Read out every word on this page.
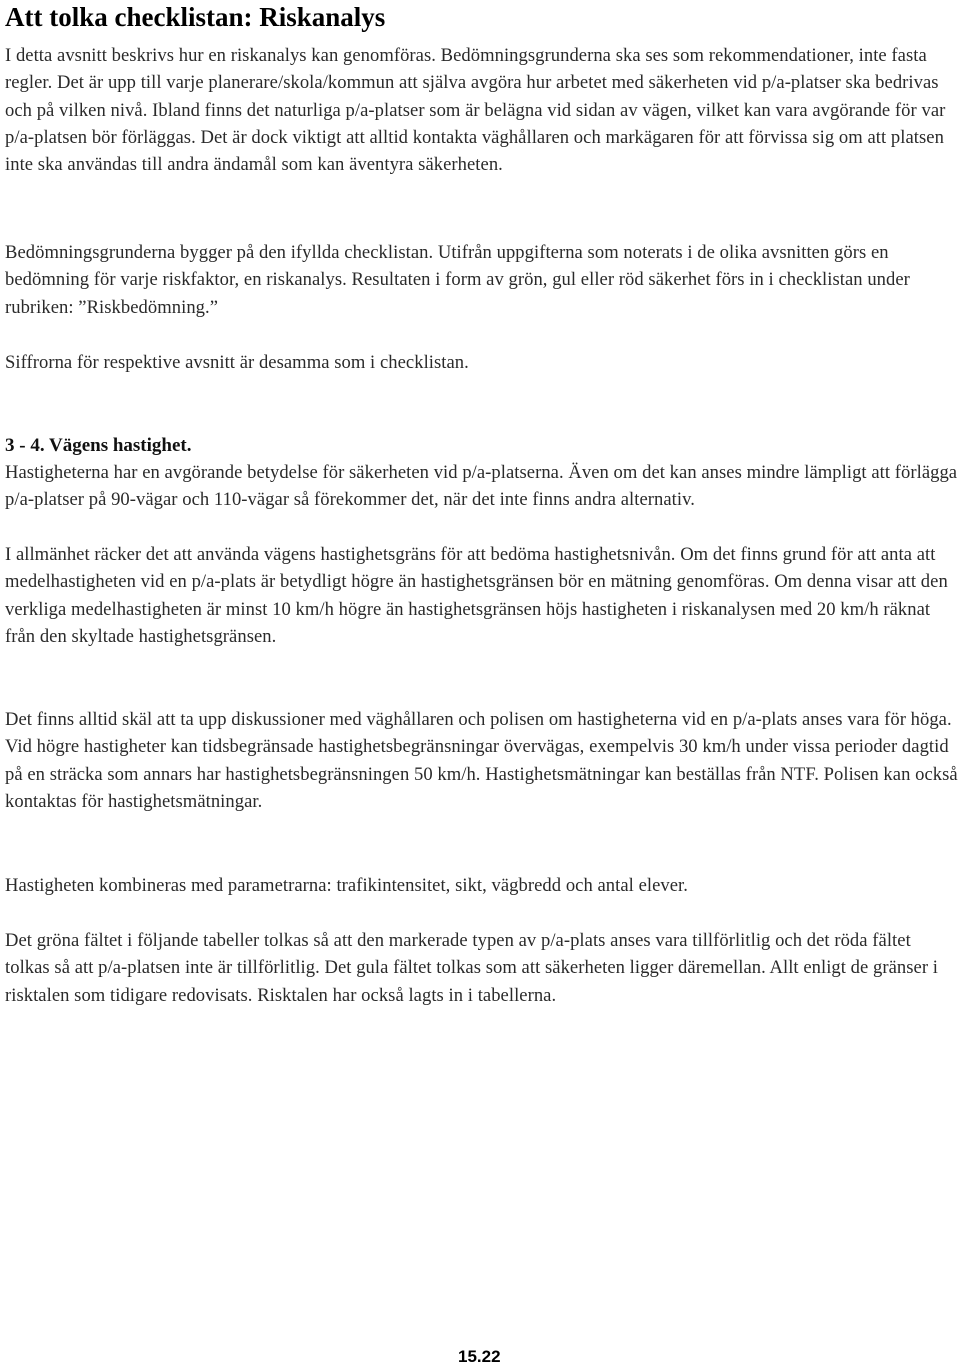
Att tolka checklistan: Riskanalys

I detta avsnitt beskrivs hur en riskanalys kan genomföras. Bedömningsgrunderna ska ses som rekommendationer, inte fasta regler. Det är upp till varje planerare/skola/kommun att själva avgöra hur arbetet med säkerheten vid p/a-platser ska bedrivas och på vilken nivå. Ibland finns det naturliga p/a-platser som är belägna vid sidan av vägen, vilket kan vara avgörande för var p/a-platsen bör förläggas. Det är dock viktigt att alltid kontakta väghållaren och markägaren för att förvissa sig om att platsen inte ska användas till andra ändamål som kan äventyra säkerheten.

Bedömningsgrunderna bygger på den ifyllda checklistan. Utifrån uppgifterna som noterats i de olika avsnitten görs en bedömning för varje riskfaktor, en riskanalys. Resultaten i form av grön, gul eller röd säkerhet förs in i checklistan under rubriken: ”Riskbedömning.”

Siffrorna för respektive avsnitt är desamma som i checklistan.

3 - 4. Vägens hastighet.

Hastigheterna har en avgörande betydelse för säkerheten vid p/a-platserna. Även om det kan anses mindre lämpligt att förlägga p/a-platser på 90-vägar och 110-vägar så förekommer det, när det inte finns andra alternativ.

I allmänhet räcker det att använda vägens hastighetsgräns för att bedöma hastighetsnivån. Om det finns grund för att anta att medelhastigheten vid en p/a-plats är betydligt högre än hastighetsgränsen bör en mätning genomföras. Om denna visar att den verkliga medelhastigheten är minst 10 km/h högre än hastighetsgränsen höjs hastigheten i riskanalysen med 20 km/h räknat från den skyltade hastighetsgränsen.

Det finns alltid skäl att ta upp diskussioner med väghållaren och polisen om hastigheterna vid en p/a-plats anses vara för höga. Vid högre hastigheter kan tidsbegränsade hastighetsbegränsningar övervägas, exempelvis 30 km/h under vissa perioder dagtid på en sträcka som annars har hastighetsbegränsningen 50 km/h. Hastighetsmätningar kan beställas från NTF. Polisen kan också kontaktas för hastighetsmätningar.

Hastigheten kombineras med parametrarna: trafikintensitet, sikt, vägbredd och antal elever.

Det gröna fältet i följande tabeller tolkas så att den markerade typen av p/a-plats anses vara tillförlitlig och det röda fältet tolkas så att p/a-platsen inte är tillförlitlig. Det gula fältet tolkas som att säkerheten ligger däremellan. Allt enligt de gränser i risktalen som tidigare redovisats. Risktalen har också lagts in i tabellerna.

15.22
